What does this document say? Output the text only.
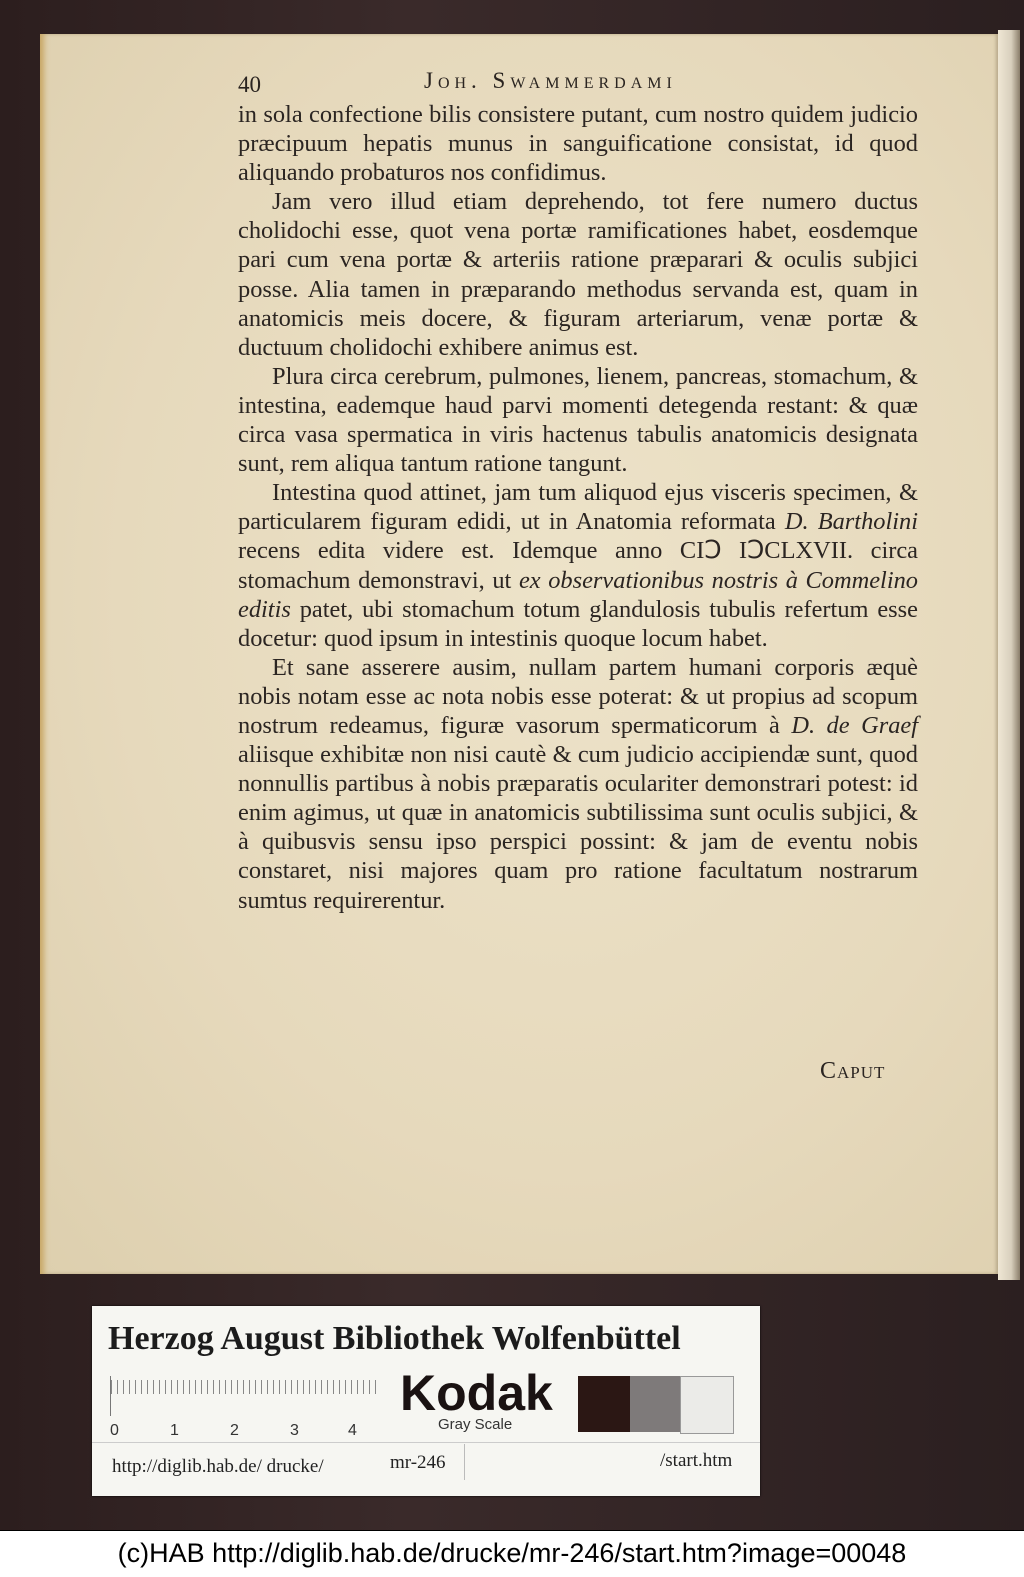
40	Joh. Swammerdami

in sola confectione bilis consistere putant, cum nostro quidem judicio præcipuum hepatis munus in sanguificatione consistat, id quod aliquando probaturos nos confidimus.

Jam vero illud etiam deprehendo, tot fere numero ductus cholidochi esse, quot vena portæ ramificationes habet, eosdemque pari cum vena portæ & arteriis ratione præparari & oculis subjici posse. Alia tamen in præparando methodus servanda est, quam in anatomicis meis docere, & figuram arteriarum, venæ portæ & ductuum cholidochi exhibere animus est.

Plura circa cerebrum, pulmones, lienem, pancreas, stomachum, & intestina, eademque haud parvi momenti detegenda restant: & quæ circa vasa spermatica in viris hactenus tabulis anatomicis designata sunt, rem aliqua tantum ratione tangunt.

Intestina quod attinet, jam tum aliquod ejus visceris specimen, & particularem figuram edidi, ut in Anatomia reformata D. Bartholini recens edita videre est. Idemque anno CIↃ IↃCLXVII. circa stomachum demonstravi, ut ex observationibus nostris à Commelino editis patet, ubi stomachum totum glandulosis tubulis refertum esse docetur: quod ipsum in intestinis quoque locum habet.

Et sane asserere ausim, nullam partem humani corporis æquè nobis notam esse ac nota nobis esse poterat: & ut propius ad scopum nostrum redeamus, figuræ vasorum spermaticorum à D. de Graef aliisque exhibitæ non nisi cautè & cum judicio accipiendæ sunt, quod nonnullis partibus à nobis præparatis oculariter demonstrari potest: id enim agimus, ut quæ in anatomicis subtilissima sunt oculis subjici, & à quibusvis sensu ipso perspici possint: & jam de eventu nobis constaret, nisi majores quam pro ratione facultatum nostrarum sumtus requirerentur.

Caput
Herzog August Bibliothek Wolfenbüttel
0	1	2	3	4
Kodak
Gray Scale
http://diglib.hab.de/ drucke/	mr-246	/start.htm
(c)HAB http://diglib.hab.de/drucke/mr-246/start.htm?image=00048
